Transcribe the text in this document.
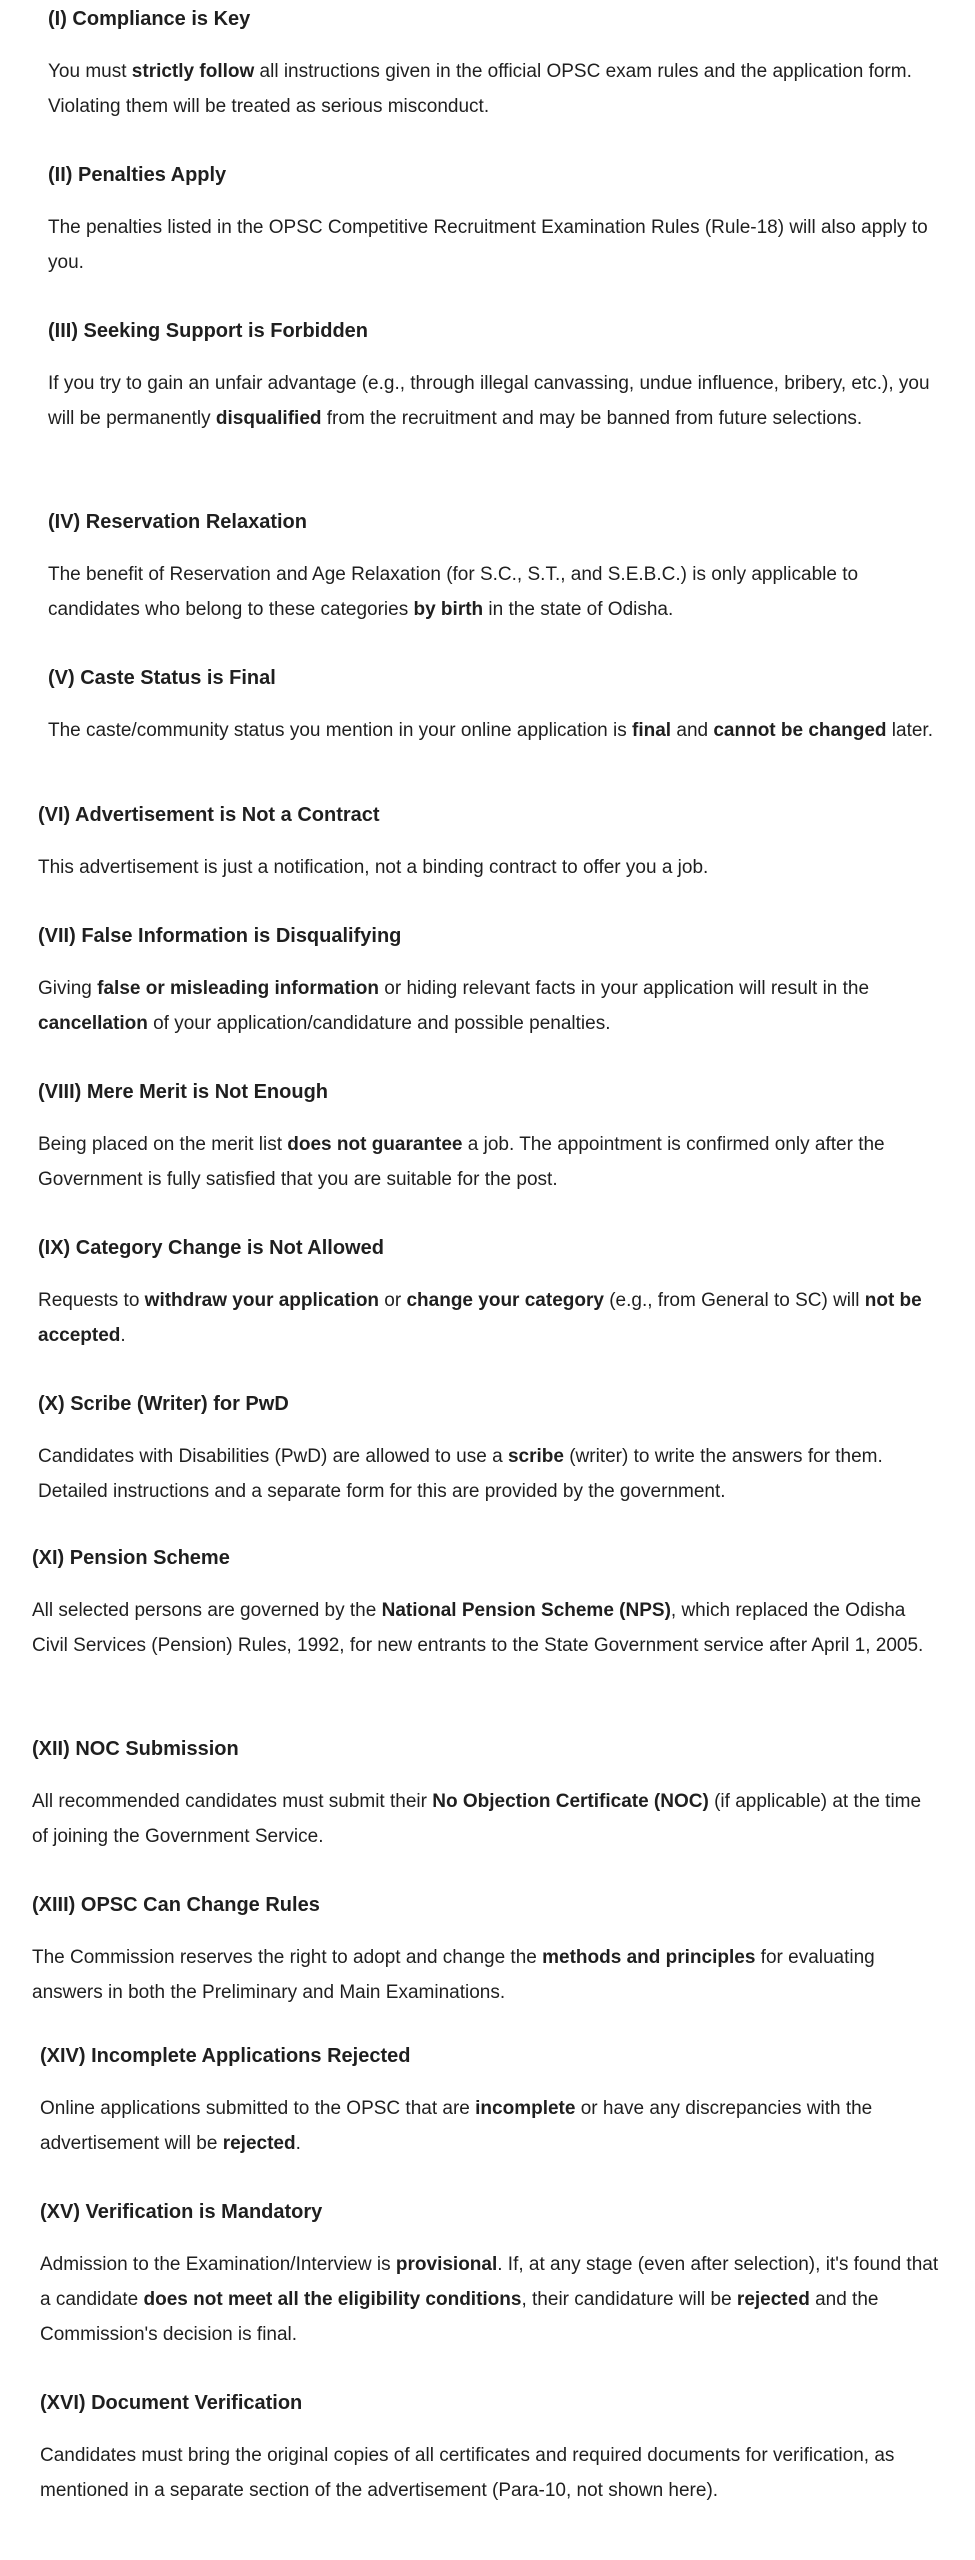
(I) Compliance is Key

You must strictly follow all instructions given in the official OPSC exam rules and the application form. Violating them will be treated as serious misconduct.

(II) Penalties Apply

The penalties listed in the OPSC Competitive Recruitment Examination Rules (Rule-18) will also apply to you.

(III) Seeking Support is Forbidden

If you try to gain an unfair advantage (e.g., through illegal canvassing, undue influence, bribery, etc.), you will be permanently disqualified from the recruitment and may be banned from future selections.

(IV) Reservation Relaxation

The benefit of Reservation and Age Relaxation (for S.C., S.T., and S.E.B.C.) is only applicable to candidates who belong to these categories by birth in the state of Odisha.

(V) Caste Status is Final

The caste/community status you mention in your online application is final and cannot be changed later.

(VI) Advertisement is Not a Contract

This advertisement is just a notification, not a binding contract to offer you a job.

(VII) False Information is Disqualifying

Giving false or misleading information or hiding relevant facts in your application will result in the cancellation of your application/candidature and possible penalties.

(VIII) Mere Merit is Not Enough

Being placed on the merit list does not guarantee a job. The appointment is confirmed only after the Government is fully satisfied that you are suitable for the post.

(IX) Category Change is Not Allowed

Requests to withdraw your application or change your category (e.g., from General to SC) will not be accepted.

(X) Scribe (Writer) for PwD

Candidates with Disabilities (PwD) are allowed to use a scribe (writer) to write the answers for them. Detailed instructions and a separate form for this are provided by the government.

(XI) Pension Scheme

All selected persons are governed by the National Pension Scheme (NPS), which replaced the Odisha Civil Services (Pension) Rules, 1992, for new entrants to the State Government service after April 1, 2005.

(XII) NOC Submission

All recommended candidates must submit their No Objection Certificate (NOC) (if applicable) at the time of joining the Government Service.

(XIII) OPSC Can Change Rules

The Commission reserves the right to adopt and change the methods and principles for evaluating answers in both the Preliminary and Main Examinations.

(XIV) Incomplete Applications Rejected

Online applications submitted to the OPSC that are incomplete or have any discrepancies with the advertisement will be rejected.

(XV) Verification is Mandatory

Admission to the Examination/Interview is provisional. If, at any stage (even after selection), it's found that a candidate does not meet all the eligibility conditions, their candidature will be rejected and the Commission's decision is final.

(XVI) Document Verification

Candidates must bring the original copies of all certificates and required documents for verification, as mentioned in a separate section of the advertisement (Para-10, not shown here).
